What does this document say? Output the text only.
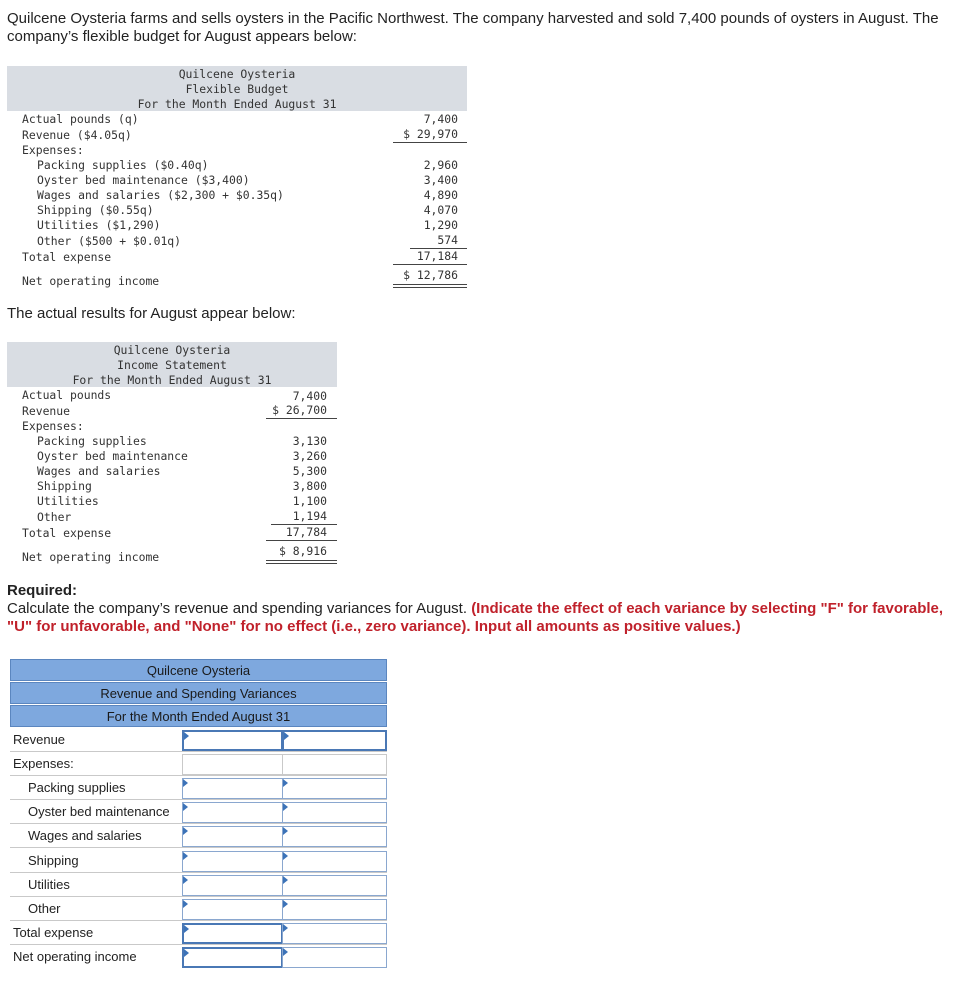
Quilcene Oysteria farms and sells oysters in the Pacific Northwest. The company harvested and sold 7,400 pounds of oysters in August. The company’s flexible budget for August appears below:
Quilcene Oysteria
Flexible Budget
For the Month Ended August 31
Actual pounds (q)	7,400
Revenue ($4.05q)	$ 29,970
Expenses:
Packing supplies ($0.40q)	2,960
Oyster bed maintenance ($3,400)	3,400
Wages and salaries ($2,300 + $0.35q)	4,890
Shipping ($0.55q)	4,070
Utilities ($1,290)	1,290
Other ($500 + $0.01q)	574
Total expense	17,184
Net operating income	$ 12,786
The actual results for August appear below:
Quilcene Oysteria
Income Statement
For the Month Ended August 31
Actual pounds	7,400
Revenue	$ 26,700
Expenses:
Packing supplies	3,130
Oyster bed maintenance	3,260
Wages and salaries	5,300
Shipping	3,800
Utilities	1,100
Other	1,194
Total expense	17,784
Net operating income	$ 8,916
Required:
Calculate the company’s revenue and spending variances for August. (Indicate the effect of each variance by selecting "F" for favorable, "U" for unfavorable, and "None" for no effect (i.e., zero variance). Input all amounts as positive values.)
Quilcene Oysteria
Revenue and Spending Variances
For the Month Ended August 31
Revenue
Expenses:
Packing supplies
Oyster bed maintenance
Wages and salaries
Shipping
Utilities
Other
Total expense
Net operating income
